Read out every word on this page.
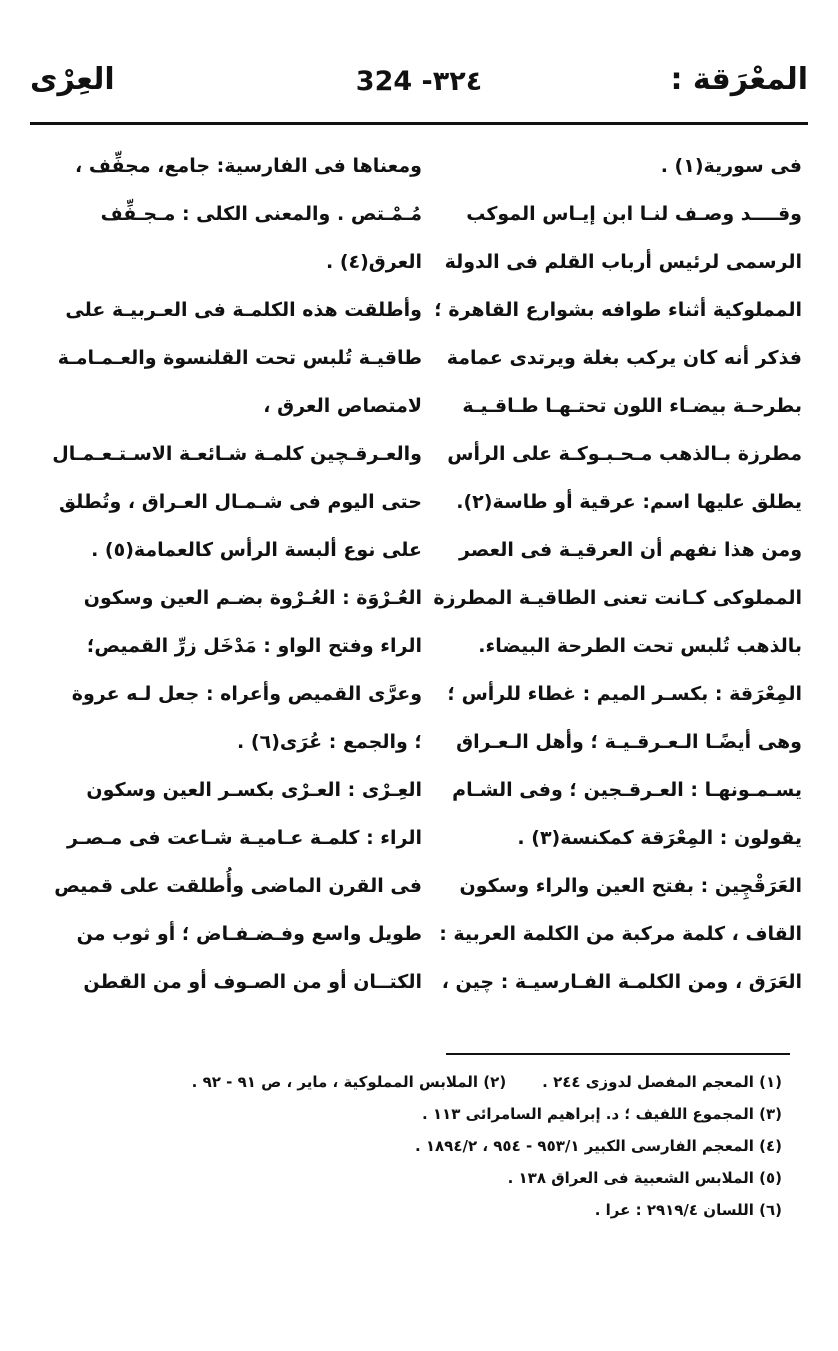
المعْرَقة :
324 -٣٢٤
العِرْى
فى سورية(١) .
وقــــد وصـف لنـا ابن إيـاس الموكب
الرسمى لرئيس أرباب القلم فى الدولة
المملوكية أثناء طوافه بشوارع القاهرة ؛
فذكر أنه كان يركب بغلة ويرتدى عمامة
بطرحـة بيضـاء اللون تحتـهـا طـاقـيـة
مطرزة بـالذهب مـحـبـوكـة على الرأس
يطلق عليها اسم: عرقية أو طاسة(٢).
ومن هذا نفهم أن العرقيـة فى العصر
المملوكى كـانت تعنى الطاقيـة المطرزة
بالذهب تُلبس تحت الطرحة البيضاء.
المِعْرَقة : بكسـر الميم : غطاء للرأس ؛
وهى أيضًـا الـعـرقـيـة ؛ وأهل الـعـراق
يسـمـونهـا : العـرقـجين ؛ وفى الشـام
يقولون : المِعْرَقة كمكنسة(٣) .
العَرَقْچِين : بفتح العين والراء وسكون
القاف ، كلمة مركبة من الكلمة العربية :
العَرَق ، ومن الكلمـة الفـارسيـة : چين ،
ومعناها فى الفارسية: جامع، مجفِّف ،
مُـمْـتص . والمعنى الكلى : مـجـفِّف
العرق(٤) .
وأطلقت هذه الكلمـة فى العـربيـة على
طاقيـة تُلبس تحت القلنسوة والعـمـامـة
لامتصاص العرق ،
والعـرقـچين كلمـة شـائعـة الاسـتـعـمـال
حتى اليوم فى شـمـال العـراق ، وتُطلق
على نوع ألبسة الرأس كالعمامة(٥) .
العُـرْوَة : العُـرْوة بضـم العين وسكون
الراء وفتح الواو : مَدْخَل زرِّ القميص؛
وعرَّى القميص وأعراه : جعل لـه عروة
؛ والجمع : عُرَى(٦) .
العِـرْى : العـرْى بكسـر العين وسكون
الراء : كلمـة عـاميـة شـاعت فى مـصـر
فى القرن الماضى وأُطلقت على قميص
طويل واسع وفـضـفـاض ؛ أو ثوب من
الكتــان أو من الصـوف أو من القطن
(١) المعجم المفصل لدوزى ٢٤٤ .(٢) الملابس المملوكية ، ماير ، ص ٩١ - ٩٢ .
(٣) المجموع اللفيف ؛ د. إبراهيم السامرائى ١١٣ .
(٤) المعجم الفارسى الكبير ٩٥٣/١ - ٩٥٤ ، ١٨٩٤/٢ .
(٥) الملابس الشعبية فى العراق ١٣٨ .
(٦) اللسان ٢٩١٩/٤ : عرا .
